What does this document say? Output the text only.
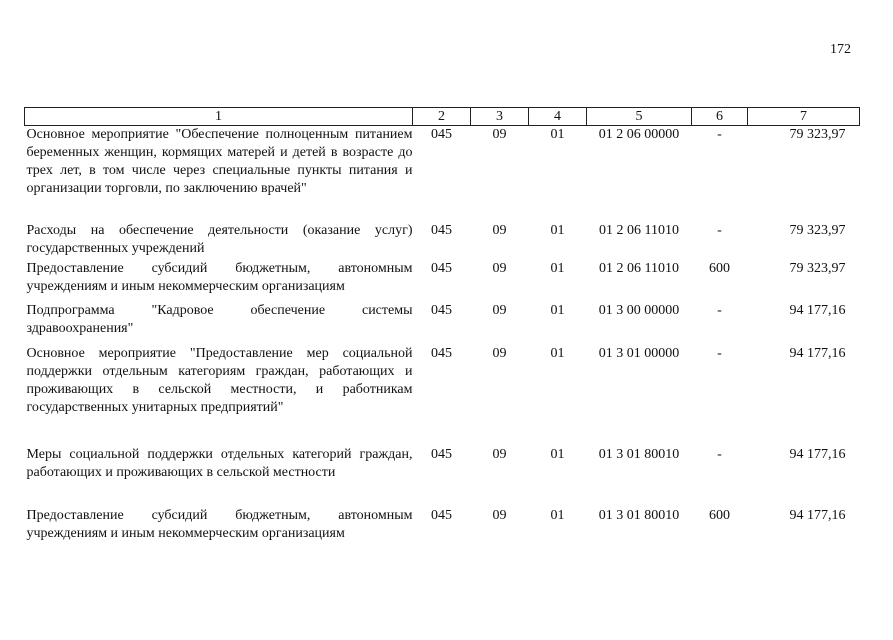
172
1	2	3	4	5	6	7
Основное мероприятие "Обеспечение полноценным питанием беременных женщин, кормящих матерей и детей в возрасте до трех лет, в том числе через специальные пункты питания и организации торговли, по заключению врачей"	045	09	01	01 2 06 00000	-	79 323,97
Расходы на обеспечение деятельности (оказание услуг) государственных учреждений	045	09	01	01 2 06 11010	-	79 323,97
Предоставление субсидий бюджетным, автономным учреждениям и иным некоммерческим организациям	045	09	01	01 2 06 11010	600	79 323,97
Подпрограмма "Кадровое обеспечение системы здравоохранения"	045	09	01	01 3 00 00000	-	94 177,16
Основное мероприятие "Предоставление мер социальной поддержки отдельным категориям граждан, работающих и проживающих в сельской местности, и работникам государственных унитарных предприятий"	045	09	01	01 3 01 00000	-	94 177,16
Меры социальной поддержки отдельных категорий граждан, работающих и проживающих в сельской местности	045	09	01	01 3 01 80010	-	94 177,16
Предоставление субсидий бюджетным, автономным учреждениям и иным некоммерческим организациям	045	09	01	01 3 01 80010	600	94 177,16
